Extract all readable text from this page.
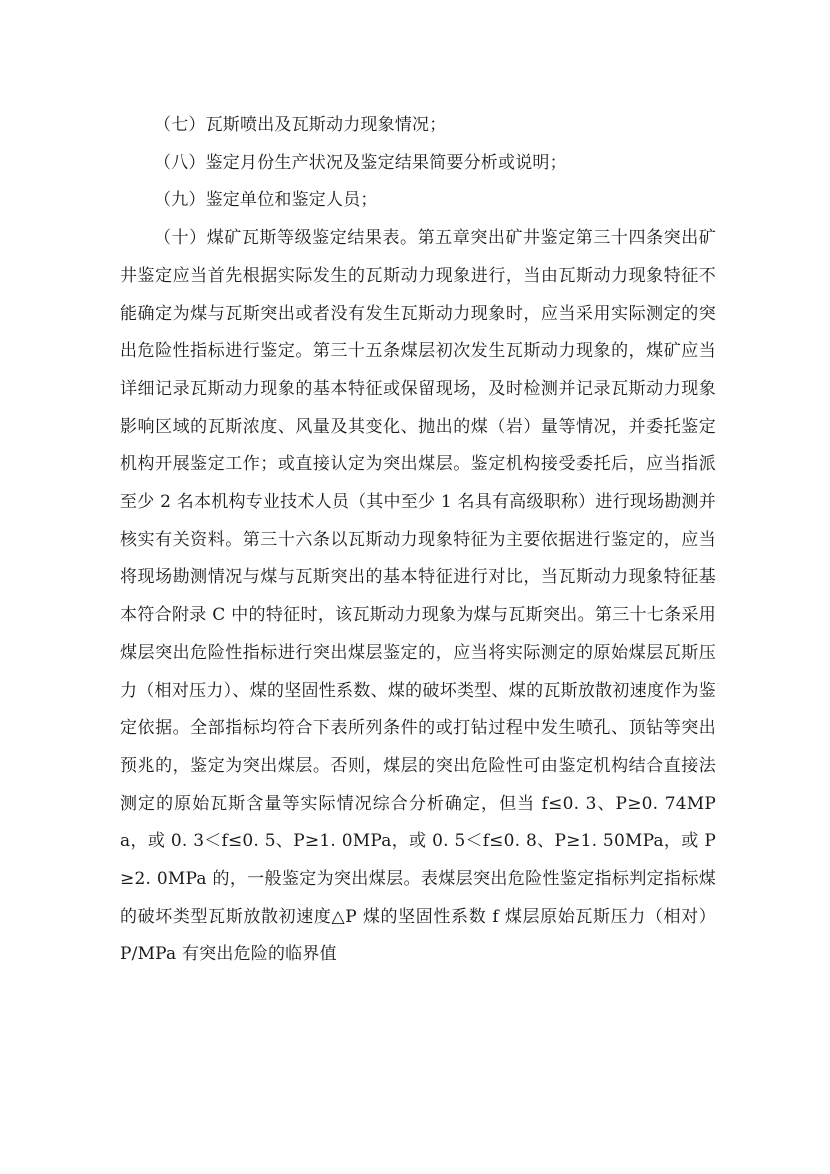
（七）瓦斯喷出及瓦斯动力现象情况；

（八）鉴定月份生产状况及鉴定结果简要分析或说明；

（九）鉴定单位和鉴定人员；

（十）煤矿瓦斯等级鉴定结果表。第五章突出矿井鉴定第三十四条突出矿井鉴定应当首先根据实际发生的瓦斯动力现象进行，当由瓦斯动力现象特征不能确定为煤与瓦斯突出或者没有发生瓦斯动力现象时，应当采用实际测定的突出危险性指标进行鉴定。第三十五条煤层初次发生瓦斯动力现象的，煤矿应当详细记录瓦斯动力现象的基本特征或保留现场，及时检测并记录瓦斯动力现象影响区域的瓦斯浓度、风量及其变化、抛出的煤（岩）量等情况，并委托鉴定机构开展鉴定工作；或直接认定为突出煤层。鉴定机构接受委托后，应当指派至少 2 名本机构专业技术人员（其中至少 1 名具有高级职称）进行现场勘测并核实有关资料。第三十六条以瓦斯动力现象特征为主要依据进行鉴定的，应当将现场勘测情况与煤与瓦斯突出的基本特征进行对比，当瓦斯动力现象特征基本符合附录 C 中的特征时，该瓦斯动力现象为煤与瓦斯突出。第三十七条采用煤层突出危险性指标进行突出煤层鉴定的，应当将实际测定的原始煤层瓦斯压力（相对压力）、煤的坚固性系数、煤的破坏类型、煤的瓦斯放散初速度作为鉴定依据。全部指标均符合下表所列条件的或打钻过程中发生喷孔、顶钻等突出预兆的，鉴定为突出煤层。否则，煤层的突出危险性可由鉴定机构结合直接法测定的原始瓦斯含量等实际情况综合分析确定，但当 f≤0. 3、P≥0. 74MPa，或 0. 3＜f≤0. 5、P≥1. 0MPa，或 0. 5＜f≤0. 8、P≥1. 50MPa，或 P≥2. 0MPa 的，一般鉴定为突出煤层。表煤层突出危险性鉴定指标判定指标煤的破坏类型瓦斯放散初速度△P 煤的坚固性系数 f 煤层原始瓦斯压力（相对）P/MPa 有突出危险的临界值
